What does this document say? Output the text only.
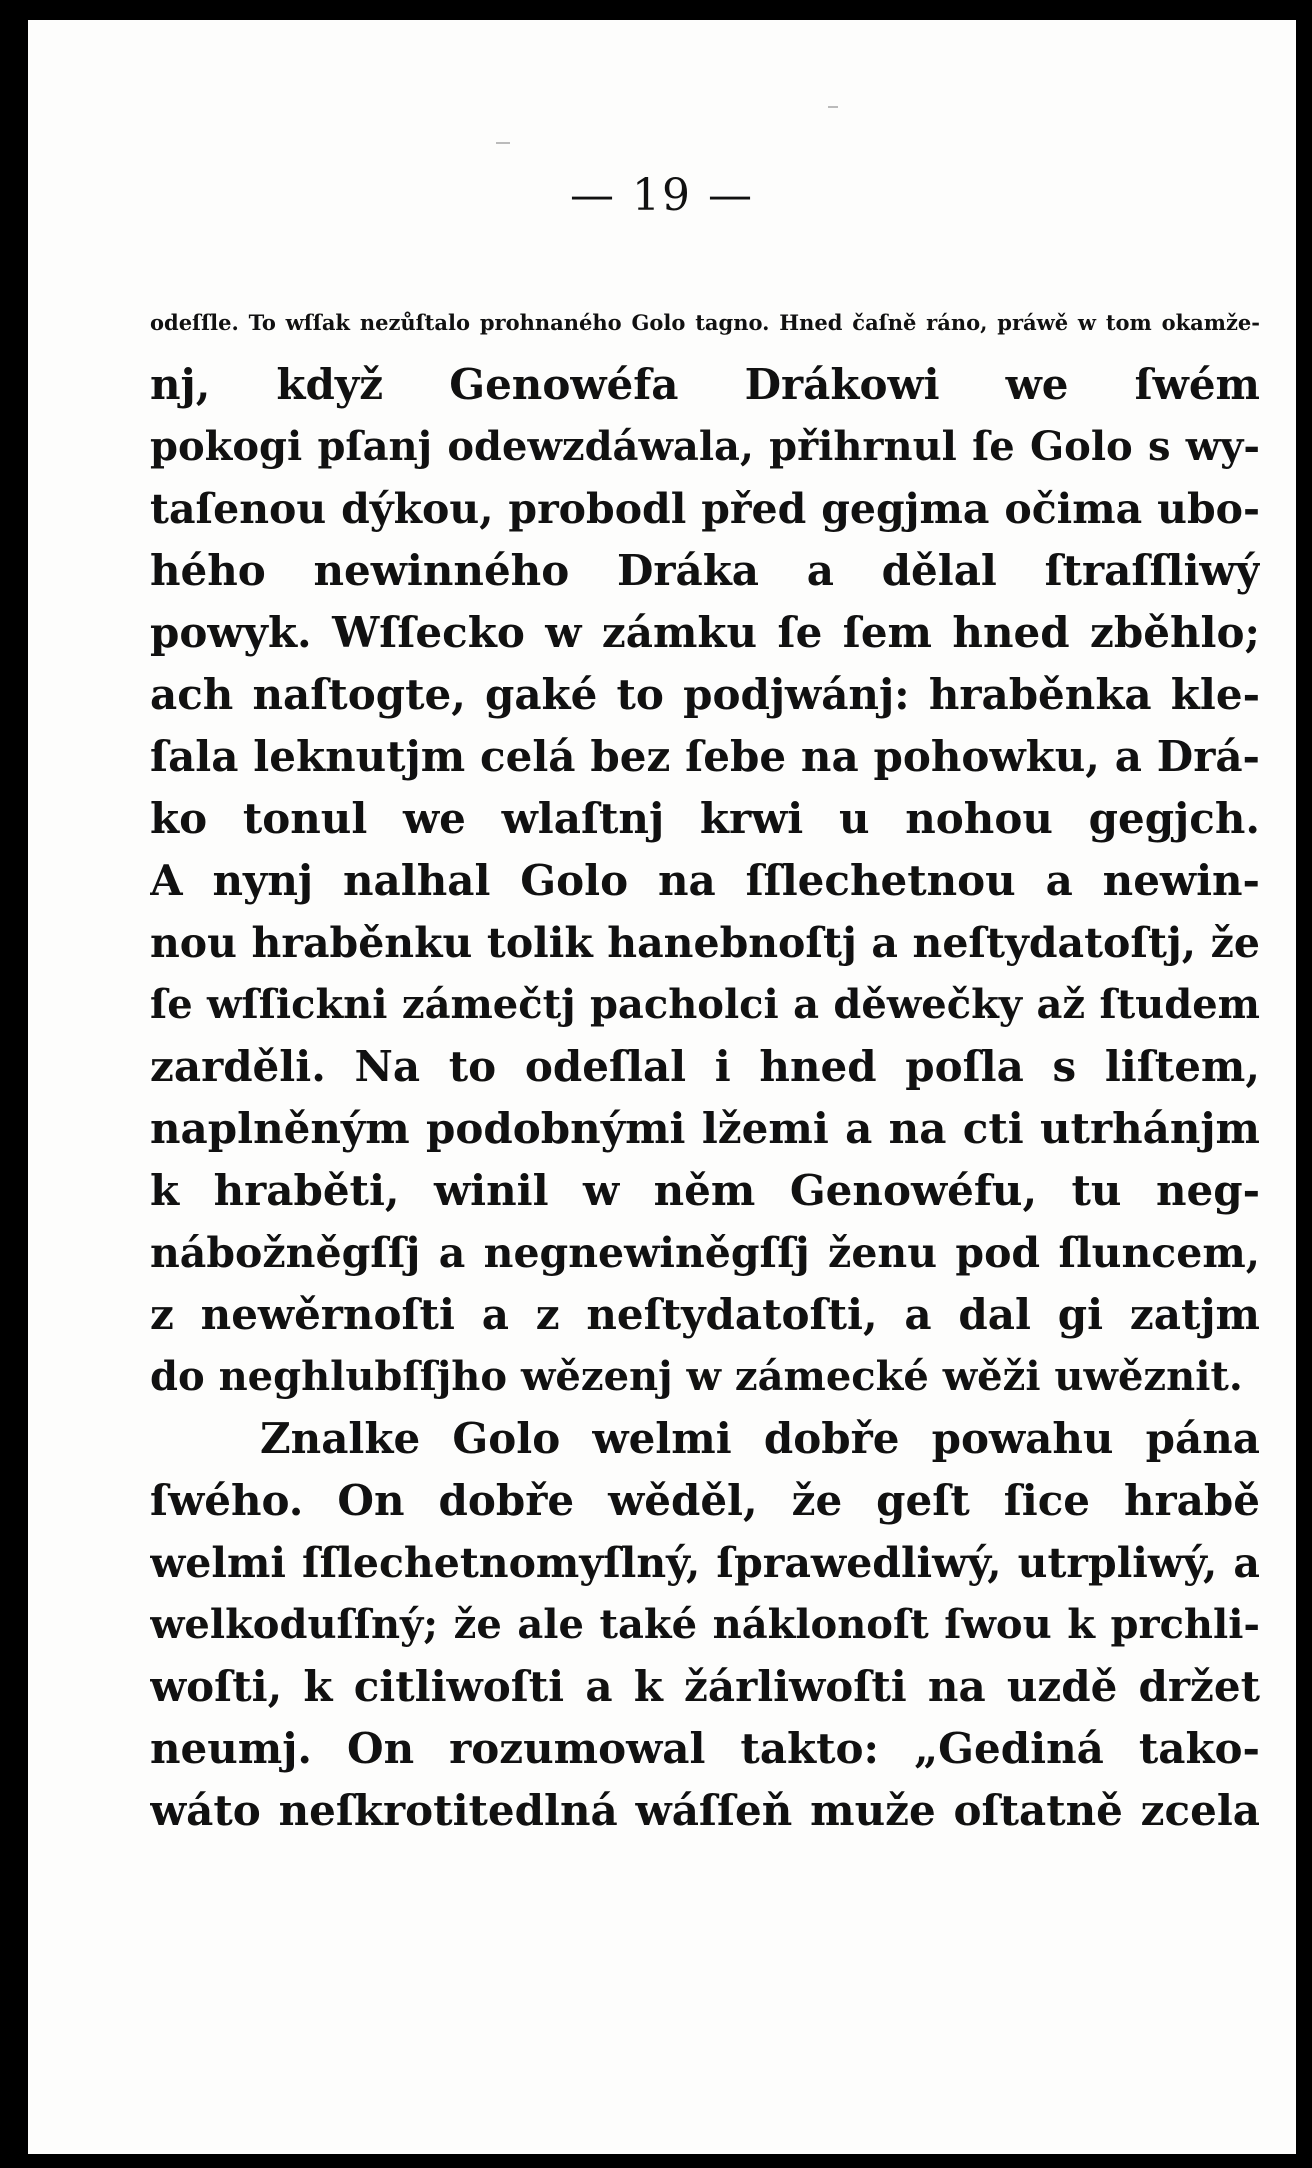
— 19 —
odeſſle. To wſſak nezůſtalo prohnaného Golo tagno. Hned čaſně ráno, práwě w tom okamže-
nj, když Genowéfa Drákowi we ſwém
pokogi pſanj odewzdáwala, přihrnul ſe Golo s wy-
taſenou dýkou, probodl před gegjma očima ubo-
hého newinného Dráka a dělal ſtraſſliwý
powyk. Wſſecko w zámku ſe ſem hned zběhlo;
ach naſtogte, gaké to podjwánj: hraběnka kle-
ſala leknutjm celá bez ſebe na pohowku, a Drá-
ko tonul we wlaſtnj krwi u nohou gegjch.
A nynj nalhal Golo na ſſlechetnou a newin-
nou hraběnku tolik hanebnoſtj a neſtydatoſtj, že
ſe wſſickni zámečtj pacholci a děwečky až ſtudem
zarděli. Na to odeſlal i hned poſla s liſtem,
naplněným podobnými lžemi a na cti utrhánjm
k hraběti, winil w něm Genowéfu, tu neg-
nábožněgſſj a negnewiněgſſj ženu pod ſluncem,
z newěrnoſti a z neſtydatoſti, a dal gi zatjm
do neghlubſſjho wězenj w zámecké wěži uwěznit.
Znalke Golo welmi dobře powahu pána
ſwého. On dobře wěděl, že geſt ſice hrabě
welmi ſſlechetnomyſlný, ſprawedliwý, utrpliwý, a
welkoduſſný; že ale také náklonoſt ſwou k prchli-
woſti, k citliwoſti a k žárliwoſti na uzdě držet
neumj. On rozumowal takto: „Gediná tako-
wáto neſkrotitedlná wáſſeň muže oſtatně zcela
